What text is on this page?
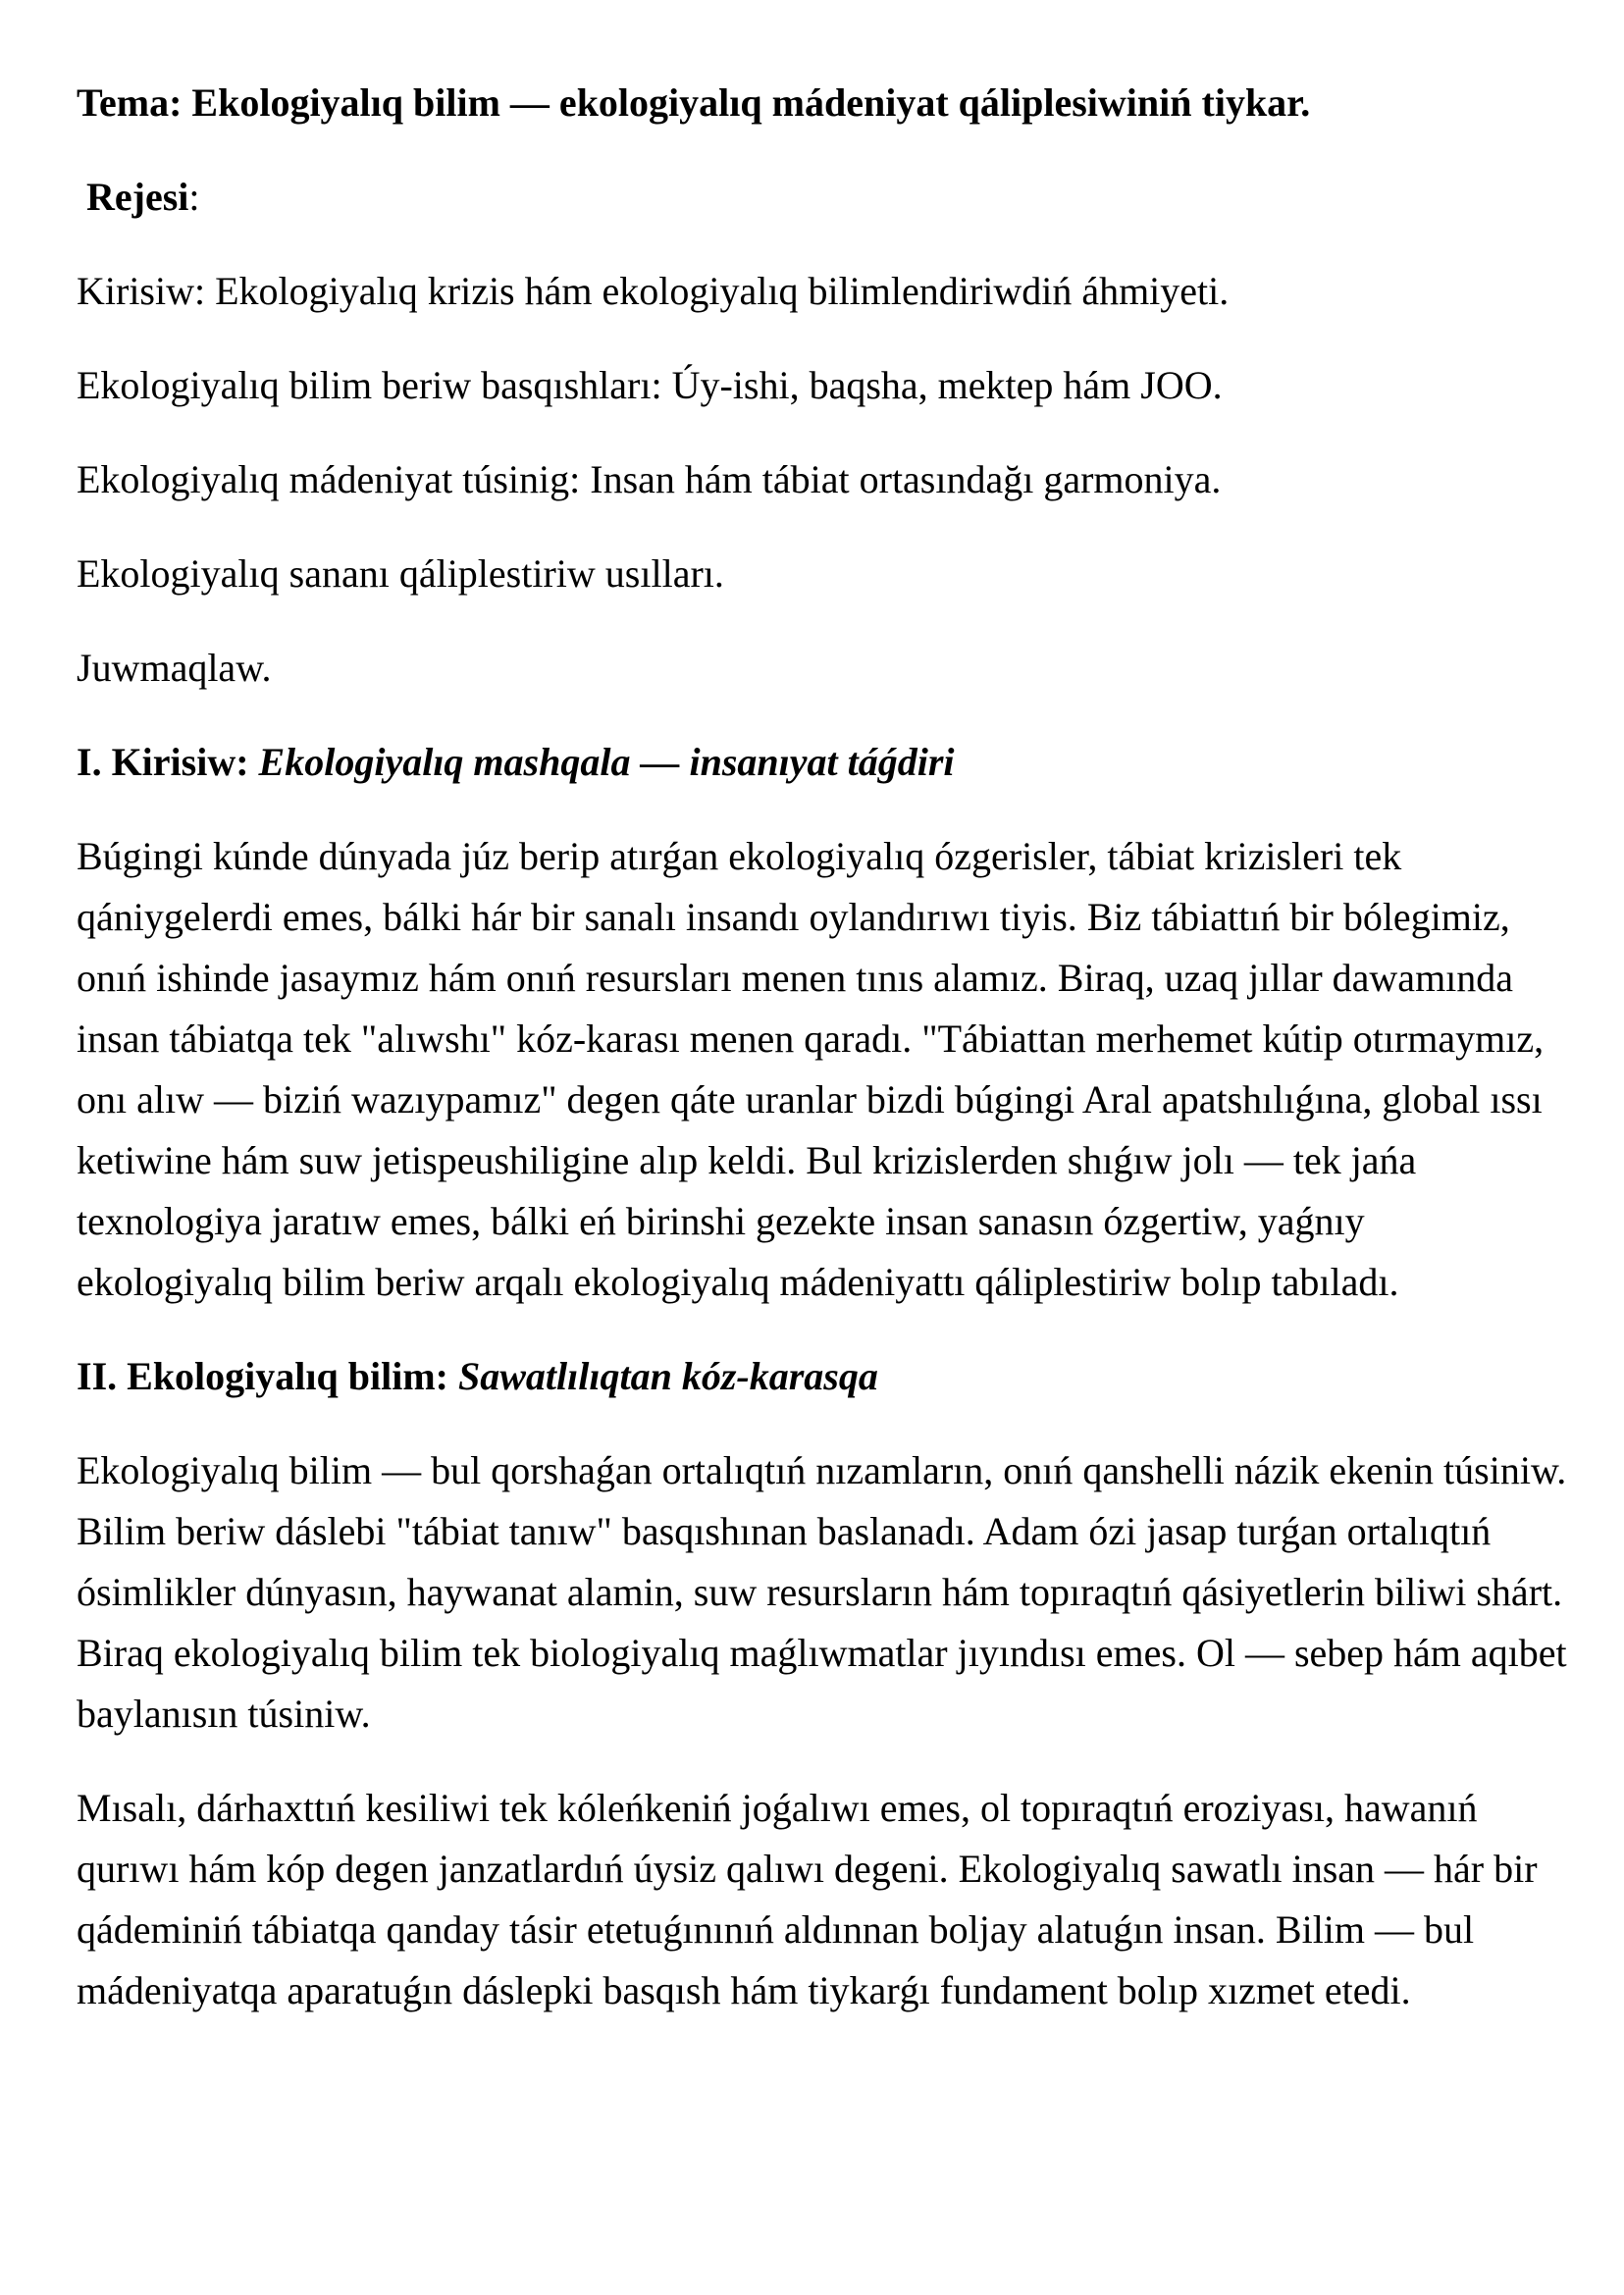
Tema: Ekologiyalıq bilim — ekologiyalıq mádeniyat qáliplesiwiniń tiykar.

Rejesi:

Kirisiw: Ekologiyalıq krizis hám ekologiyalıq bilimlendiriwdiń áhmiyeti.

Ekologiyalıq bilim beriw basqıshları: Úy-ishi, baqsha, mektep hám JOO.

Ekologiyalıq mádeniyat túsinig: Insan hám tábiat ortasındağı garmoniya.

Ekologiyalıq sananı qáliplestiriw usılları.

Juwmaqlaw.

I. Kirisiw: Ekologiyalıq mashqala — insanıyat táǵdiri

Búgingi kúnde dúnyada júz berip atırǵan ekologiyalıq ózgerisler, tábiat krizisleri tek qániygelerdi emes, bálki hár bir sanalı insandı oylandırıwı tiyis. Biz tábiattıń bir bólegimiz, onıń ishinde jasaymız hám onıń resursları menen tınıs alamız. Biraq, uzaq jıllar dawamında insan tábiatqa tek "alıwshı" kóz-karası menen qaradı. "Tábiattan merhemet kútip otırmaymız, onı alıw — biziń wazıypamız" degen qáte uranlar bizdi búgingi Aral apatshılıǵına, global ıssı ketiwine hám suw jetispeushiligine alıp keldi. Bul krizislerden shıǵıw jolı — tek jańa texnologiya jaratıw emes, bálki eń birinshi gezekte insan sanasın ózgertiw, yaǵnıy ekologiyalıq bilim beriw arqalı ekologiyalıq mádeniyattı qáliplestiriw bolıp tabıladı.

II. Ekologiyalıq bilim: Sawatlılıqtan kóz-karasqa

Ekologiyalıq bilim — bul qorshaǵan ortalıqtıń nızamların, onıń qanshelli názik ekenin túsiniw. Bilim beriw dáslebi "tábiat tanıw" basqıshınan baslanadı. Adam ózi jasap turǵan ortalıqtıń ósimlikler dúnyasın, haywanat alamin, suw resursların hám topıraqtıń qásiyetlerin biliwi shárt. Biraq ekologiyalıq bilim tek biologiyalıq maǵlıwmatlar jıyındısı emes. Ol — sebep hám aqıbet baylanısın túsiniw.

Mısalı, dárhaxttıń kesiliwi tek kóleńkeniń joǵalıwı emes, ol topıraqtıń eroziyası, hawanıń qurıwı hám kóp degen janzatlardıń úysiz qalıwı degeni. Ekologiyalıq sawatlı insan — hár bir qádeminiń tábiatqa qanday tásir etetuǵınınıń aldınnan boljay alatuǵın insan. Bilim — bul mádeniyatqa aparatuǵın dáslepki basqısh hám tiykarǵı fundament bolıp xızmet etedi.
